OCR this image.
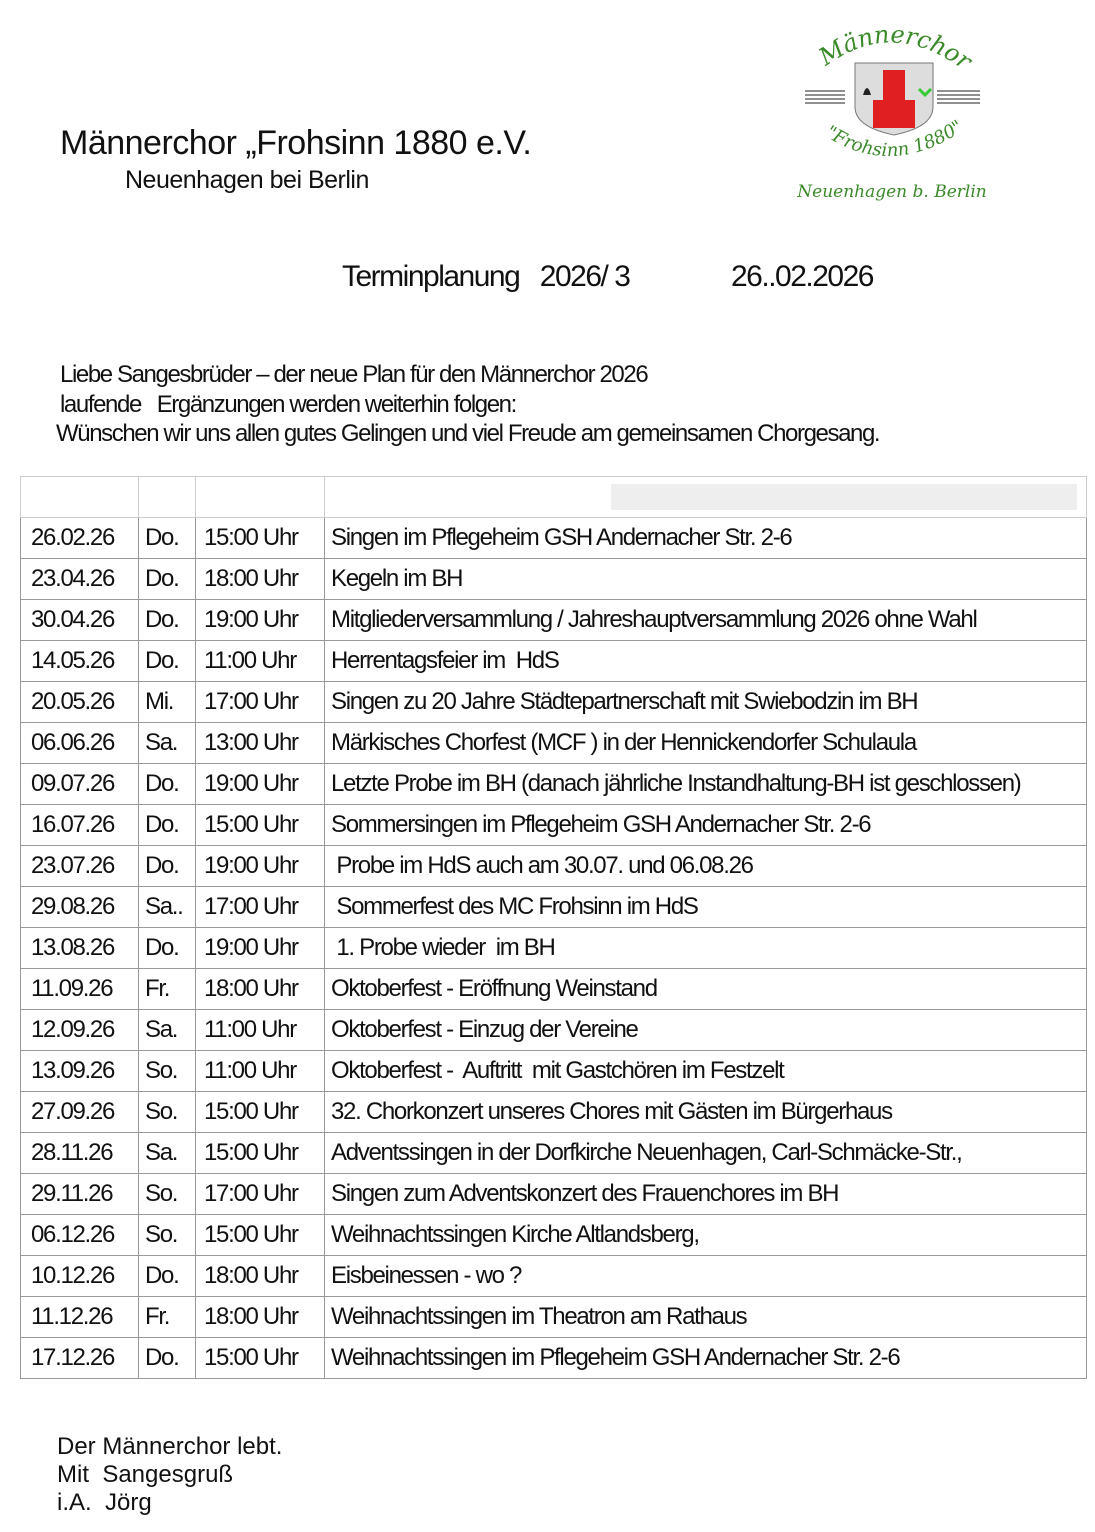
Männerchor „Frohsinn 1880 e.V.
Neuenhagen bei Berlin
Männerchor
"Frohsinn 1880"
Neuenhagen b. Berlin
Terminplanung   2026/ 3	26..02.2026
Liebe Sangesbrüder – der neue Plan für den Männerchor 2026
laufende   Ergänzungen werden weiterhin folgen:
Wünschen wir uns allen gutes Gelingen und viel Freude am gemeinsamen Chorgesang.

26.02.26	Do.	15:00 Uhr	Singen im Pflegeheim GSH Andernacher Str. 2-6
23.04.26	Do.	18:00 Uhr	Kegeln im BH
30.04.26	Do.	19:00 Uhr	Mitgliederversammlung / Jahreshauptversammlung 2026 ohne Wahl
14.05.26	Do.	11:00 Uhr	Herrentagsfeier im  HdS
20.05.26	Mi.	17:00 Uhr	Singen zu 20 Jahre Städtepartnerschaft mit Swiebodzin im BH
06.06.26	Sa.	13:00 Uhr	Märkisches Chorfest (MCF ) in der Hennickendorfer Schulaula
09.07.26	Do.	19:00 Uhr	Letzte Probe im BH (danach jährliche Instandhaltung-BH ist geschlossen)
16.07.26	Do.	15:00 Uhr	Sommersingen im Pflegeheim GSH Andernacher Str. 2-6
23.07.26	Do.	19:00 Uhr	Probe im HdS auch am 30.07. und 06.08.26
29.08.26	Sa..	17:00 Uhr	Sommerfest des MC Frohsinn im HdS
13.08.26	Do.	19:00 Uhr	1. Probe wieder  im BH
11.09.26	Fr.	18:00 Uhr	Oktoberfest - Eröffnung Weinstand
12.09.26	Sa.	11:00 Uhr	Oktoberfest - Einzug der Vereine
13.09.26	So.	11:00 Uhr	Oktoberfest -  Auftritt  mit Gastchören im Festzelt
27.09.26	So.	15:00 Uhr	32. Chorkonzert unseres Chores mit Gästen im Bürgerhaus
28.11.26	Sa.	15:00 Uhr	Adventssingen in der Dorfkirche Neuenhagen, Carl-Schmäcke-Str.,
29.11.26	So.	17:00 Uhr	Singen zum Adventskonzert des Frauenchores im BH
06.12.26	So.	15:00 Uhr	Weihnachtssingen Kirche Altlandsberg,
10.12.26	Do.	18:00 Uhr	Eisbeinessen - wo ?
11.12.26	Fr.	18:00 Uhr	Weihnachtssingen im Theatron am Rathaus
17.12.26	Do.	15:00 Uhr	Weihnachtssingen im Pflegeheim GSH Andernacher Str. 2-6
Der Männerchor lebt.
Mit  Sangesgruß
i.A.  Jörg
